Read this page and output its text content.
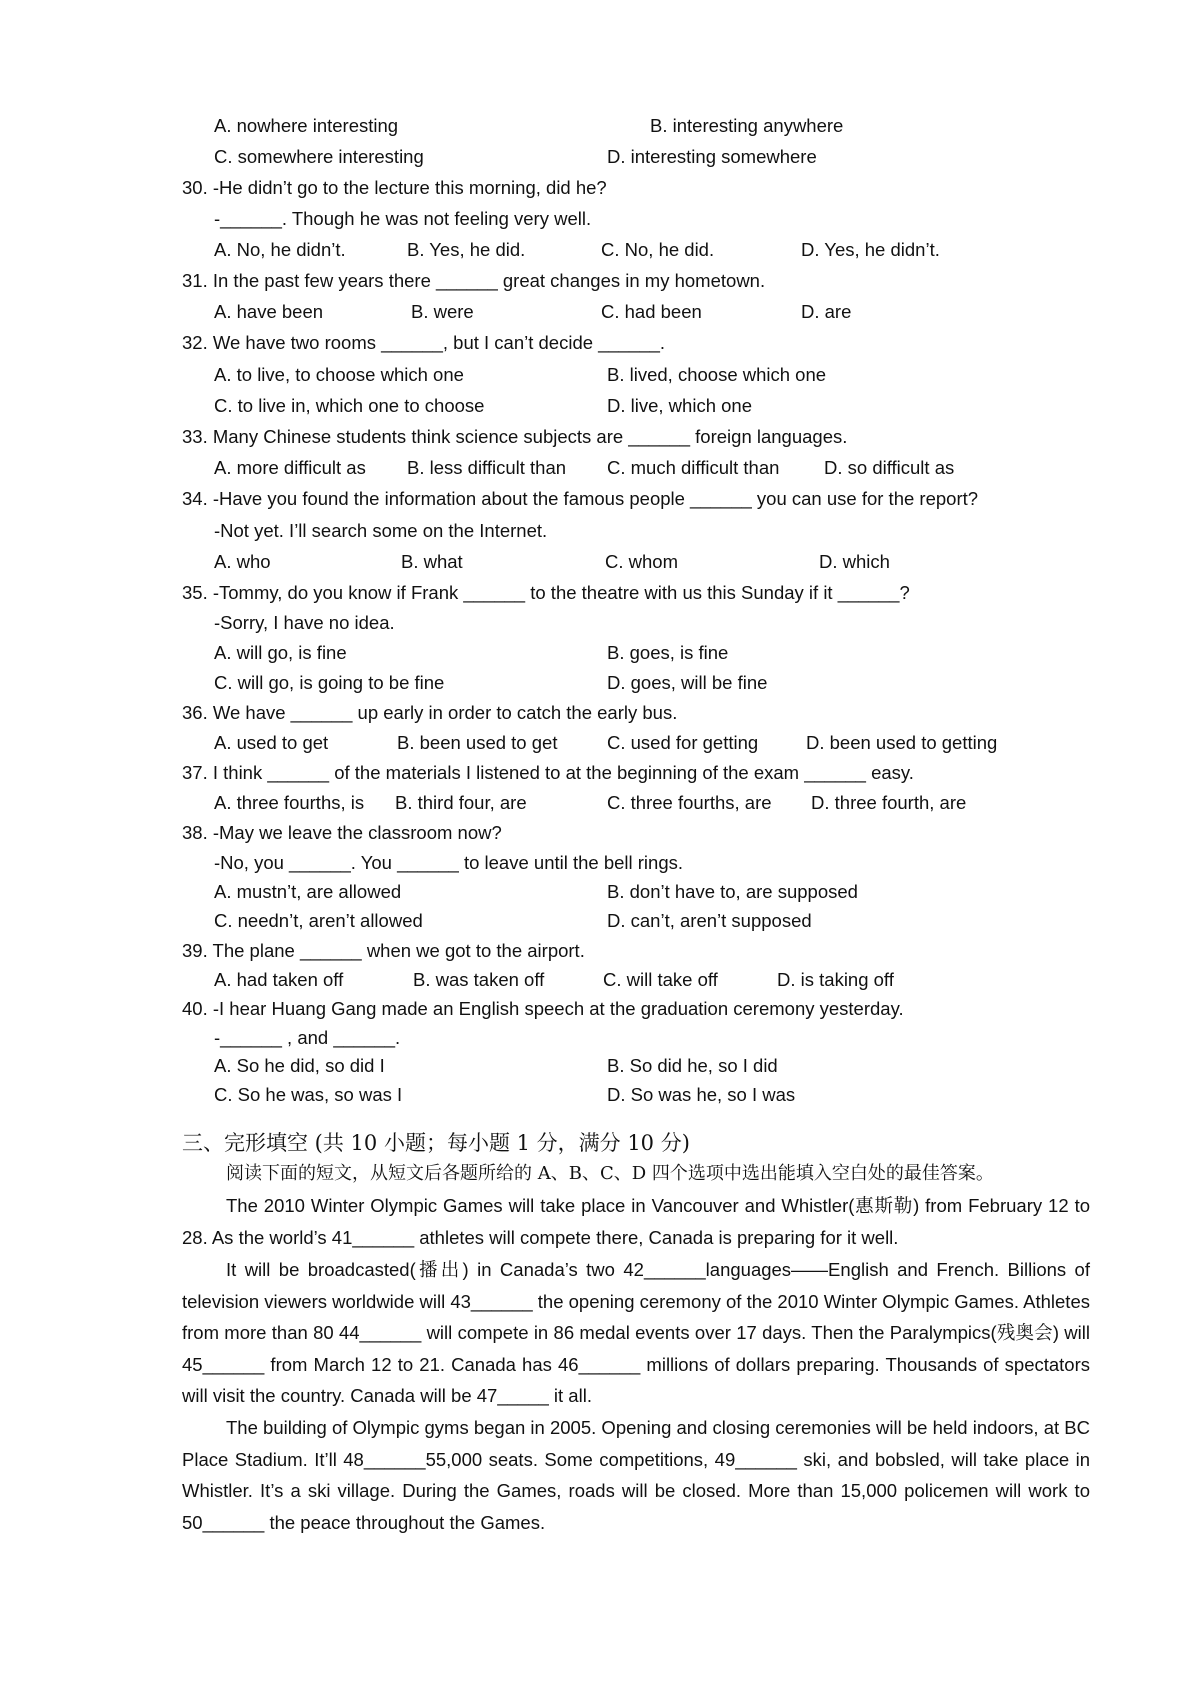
A. nowhere interesting	B. interesting anywhere
C. somewhere interesting	D. interesting somewhere
30. -He didn’t go to the lecture this morning, did he?
-______. Though he was not feeling very well.
A. No, he didn’t.	B. Yes, he did.	C. No, he did.	D. Yes, he didn’t.
31. In the past few years there ______ great changes in my hometown.
A. have been	B. were	C. had been	D. are
32. We have two rooms ______, but I can’t decide ______.
A. to live, to choose which one	B. lived, choose which one
C. to live in, which one to choose	D. live, which one
33. Many Chinese students think science subjects are ______ foreign languages.
A. more difficult as B. less difficult than C. much difficult than D. so difficult as
34. -Have you found the information about the famous people ______ you can use for the report?
-Not yet. I’ll search some on the Internet.
A. who	B. what	C. whom	D. which
35. -Tommy, do you know if Frank ______ to the theatre with us this Sunday if it ______?
-Sorry, I have no idea.
A. will go, is fine	B. goes, is fine
C. will go, is going to be fine	D. goes, will be fine
36. We have ______ up early in order to catch the early bus.
A. used to get	B. been used to get	C. used for getting	D. been used to getting
37. I think ______ of the materials I listened to at the beginning of the exam ______ easy.
A. three fourths, is B. third four, are	C. three fourths, are D. three fourth, are
38. -May we leave the classroom now?
-No, you ______. You ______ to leave until the bell rings.
A. mustn’t, are allowed	B. don’t have to, are supposed
C. needn’t, aren’t allowed	D. can’t, aren’t supposed
39. The plane ______ when we got to the airport.
A. had taken off	B. was taken off	C. will take off	D. is taking off
40. -I hear Huang Gang made an English speech at the graduation ceremony yesterday.
-______ , and ______.
A. So he did, so did I	B. So did he, so I did
C. So he was, so was I	D. So was he, so I was
三、完形填空 (共 10 小题；每小题 1 分，满分 10 分)
阅读下面的短文，从短文后各题所给的 A、B、C、D 四个选项中选出能填入空白处的最佳答案。
The 2010 Winter Olympic Games will take place in Vancouver and Whistler(惠斯勒) from February 12 to 28. As the world’s 41______ athletes will compete there, Canada is preparing for it well.
It will be broadcasted(播出) in Canada’s two 42______languages——English and French. Billions of television viewers worldwide will 43______ the opening ceremony of the 2010 Winter Olympic Games. Athletes from more than 80 44______ will compete in 86 medal events over 17 days. Then the Paralympics(残奥会) will 45______ from March 12 to 21. Canada has 46______ millions of dollars preparing. Thousands of spectators will visit the country. Canada will be 47_____ it all.
The building of Olympic gyms began in 2005. Opening and closing ceremonies will be held indoors, at BC Place Stadium. It’ll 48______55,000 seats. Some competitions, 49______ ski, and bobsled, will take place in Whistler. It’s a ski village. During the Games, roads will be closed. More than 15,000 policemen will work to 50______ the peace throughout the Games.
